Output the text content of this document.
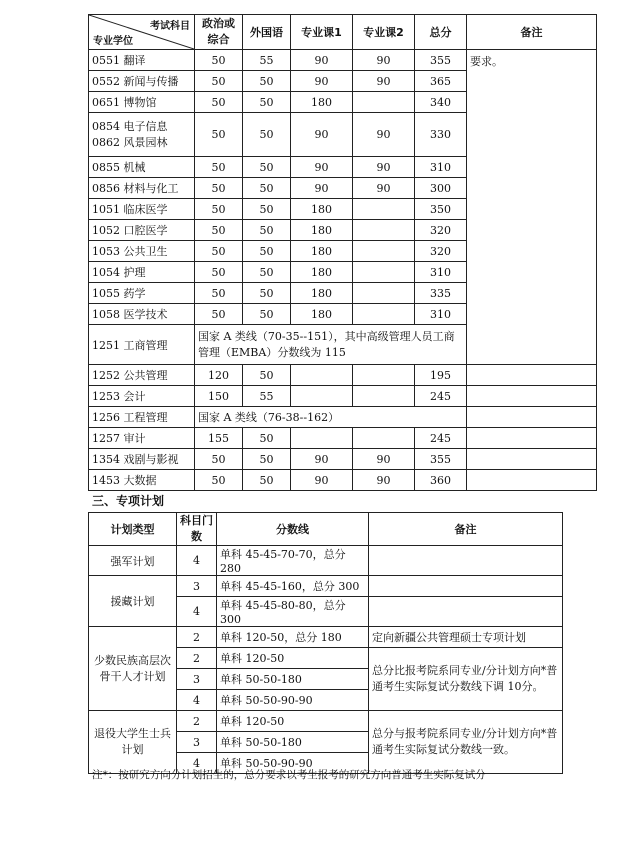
考试科目
专业学位	政治或综合	外国语	专业课1	专业课2	总分	备注
0551 翻译	50	55	90	90	355	要求。
0552 新闻与传播	50	50	90	90	365	
0651 博物馆	50	50	180		340	

0854 电子信息
0862 风景园林	50	50	90	90	330	
0855 机械	50	50	90	90	310	
0856 材料与化工	50	50	90	90	300	
1051 临床医学	50	50	180		350	
1052 口腔医学	50	50	180		320	
1053 公共卫生	50	50	180		320	
1054 护理	50	50	180		310	
1055 药学	50	50	180		335	
1058 医学技术	50	50	180		310	
1251 工商管理	国家 A 类线（70-35--151），其中高级管理人员工商管理（EMBA）分数线为 115					
1252 公共管理	120	50			195	
1253 会计	150	55			245	
1256 工程管理	国家 A 类线（76-38--162）					
1257 审计	155	50			245	
1354 戏剧与影视	50	50	90	90	355	
1453 大数据	50	50	90	90	360	
三、专项计划
计划类型	科目门数	分数线	备注
强军计划	4	单科 45-45-70-70，总分 280	
援藏计划	3	单科 45-45-160，总分 300	
	4	单科 45-45-80-80，总分 300	
少数民族高层次骨干人才计划	2	单科 120-50，总分 180	定向新疆公共管理硕士专项计划
	2	单科 120-50	总分比报考院系同专业/分计划方向*普通考生实际复试分数线下调 10分。
	3	单科 50-50-180	
	4	单科 50-50-90-90	
退役大学生士兵计划	2	单科 120-50	总分与报考院系同专业/分计划方向*普通考生实际复试分数线一致。
	3	单科 50-50-180	
	4	单科 50-50-90-90	
注*：按研究方向分计划招生的，总分要求以考生报考的研究方向普通考生实际复试分
